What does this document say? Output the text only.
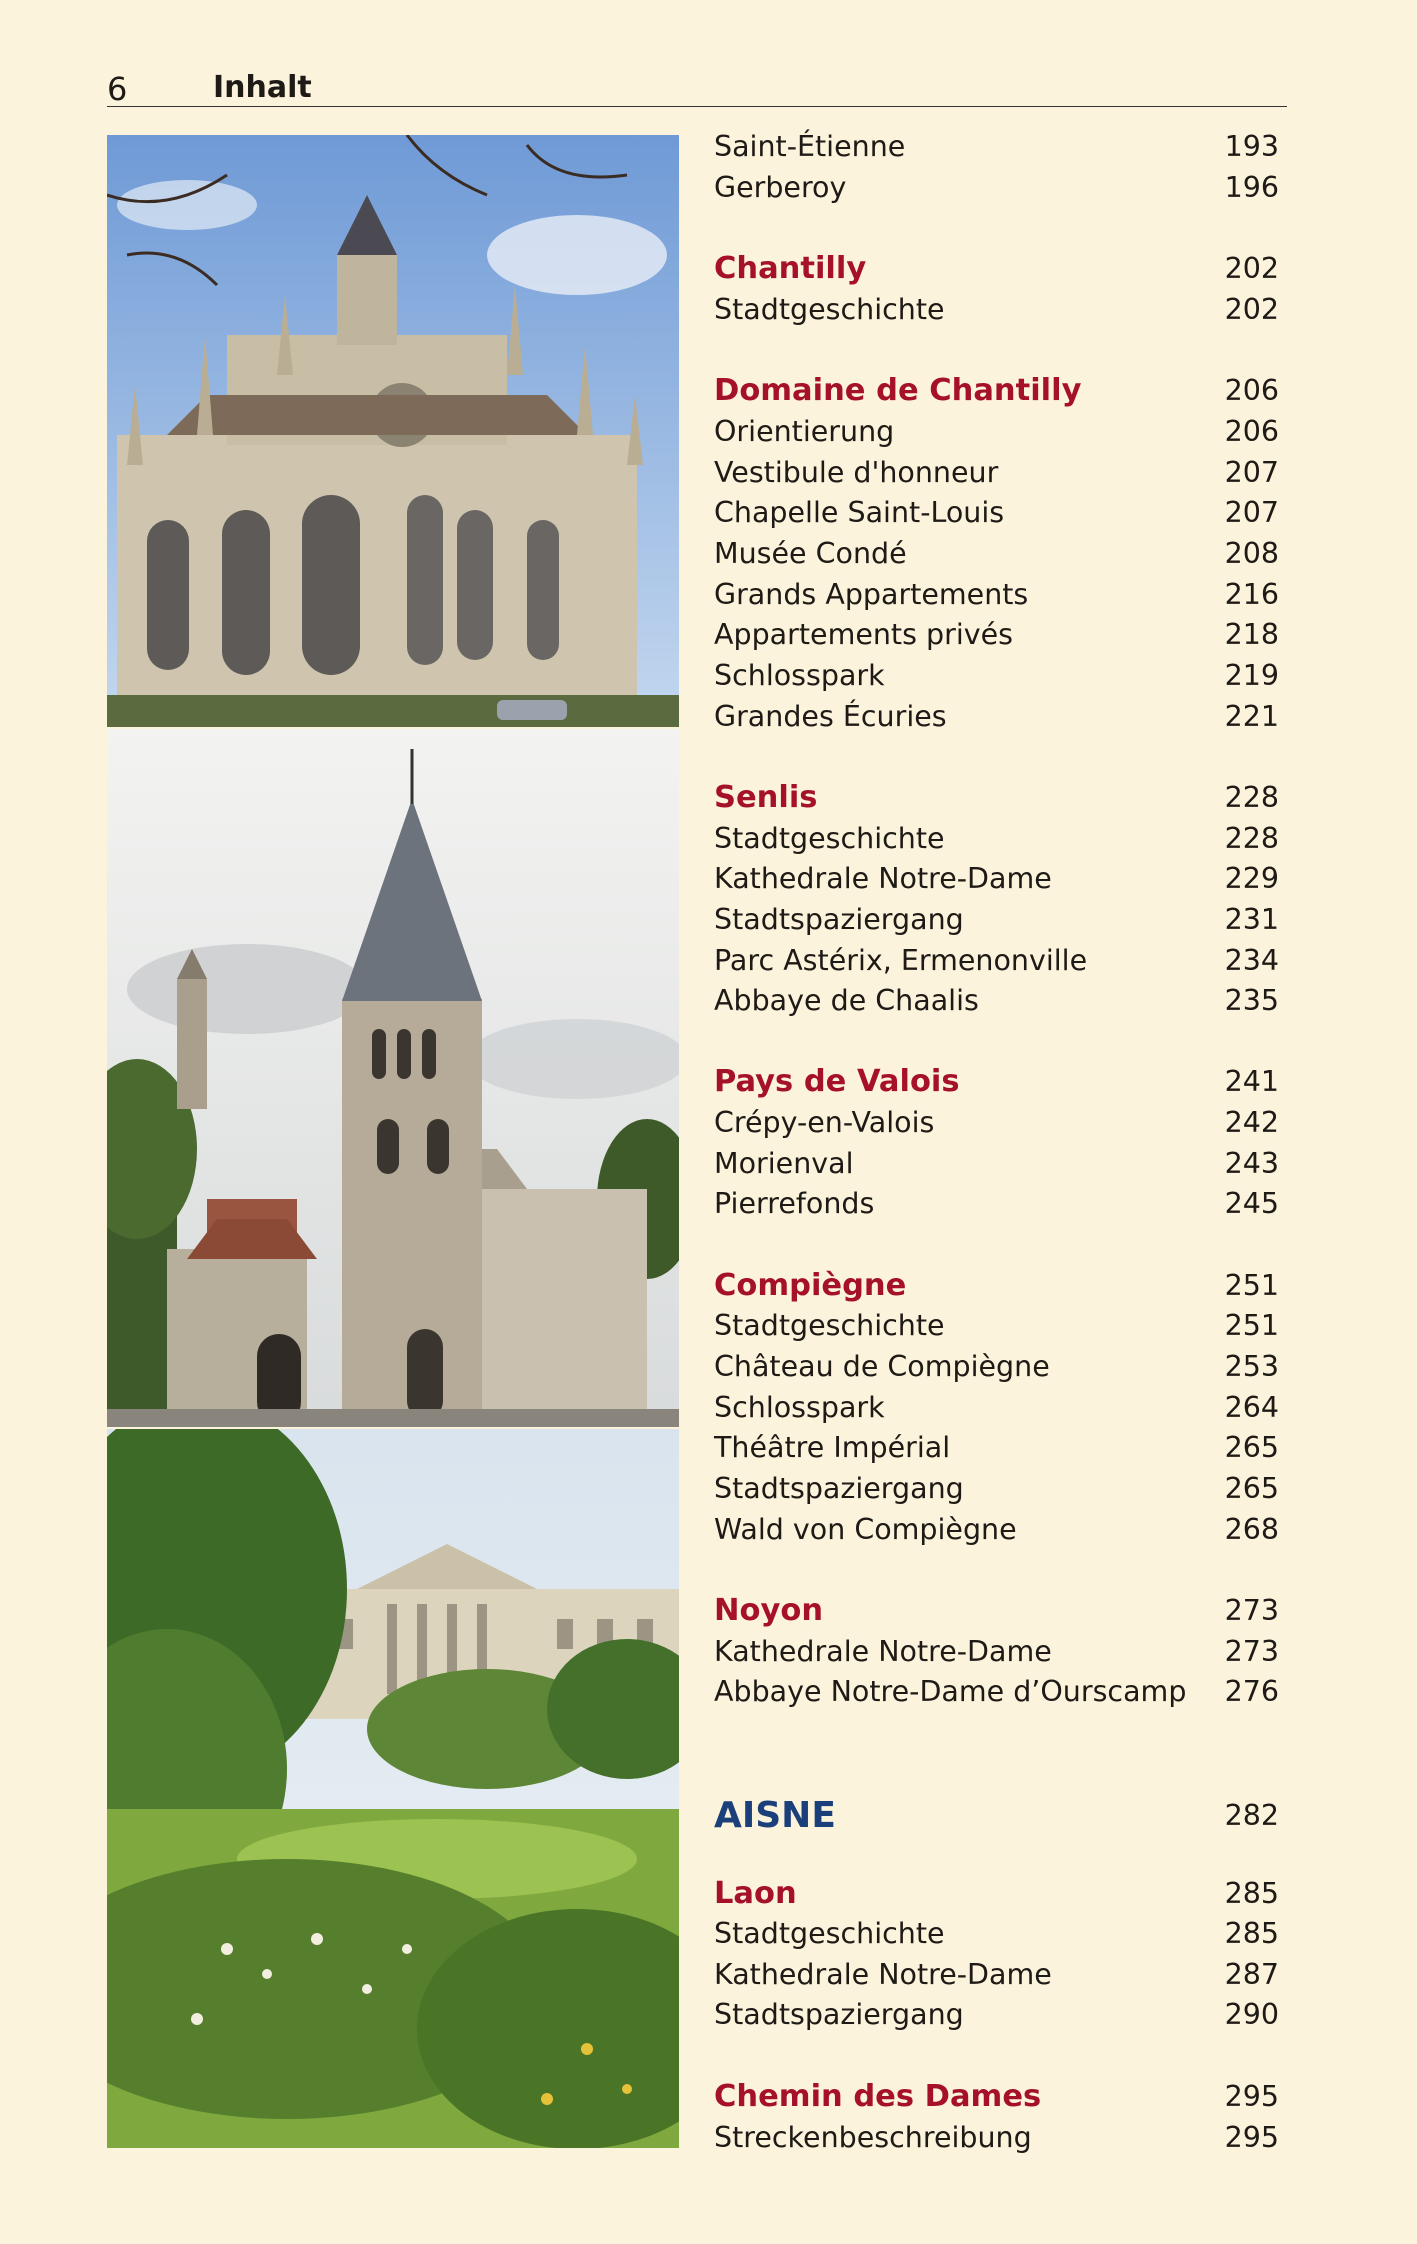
6	Inhalt
Saint-Étienne	193
Gerberoy	196
Chantilly	202
Stadtgeschichte	202
Domaine de Chantilly	206
Orientierung	206
Vestibule d'honneur	207
Chapelle Saint-Louis	207
Musée Condé	208
Grands Appartements	216
Appartements privés	218
Schlosspark	219
Grandes Écuries	221
Senlis	228
Stadtgeschichte	228
Kathedrale Notre-Dame	229
Stadtspaziergang	231
Parc Astérix, Ermenonville	234
Abbaye de Chaalis	235
Pays de Valois	241
Crépy-en-Valois	242
Morienval	243
Pierrefonds	245
Compiègne	251
Stadtgeschichte	251
Château de Compiègne	253
Schlosspark	264
Théâtre Impérial	265
Stadtspaziergang	265
Wald von Compiègne	268
Noyon	273
Kathedrale Notre-Dame	273
Abbaye Notre-Dame d’Ourscamp 276
AISNE	282
Laon	285
Stadtgeschichte	285
Kathedrale Notre-Dame	287
Stadtspaziergang	290
Chemin des Dames	295
Streckenbeschreibung	295
